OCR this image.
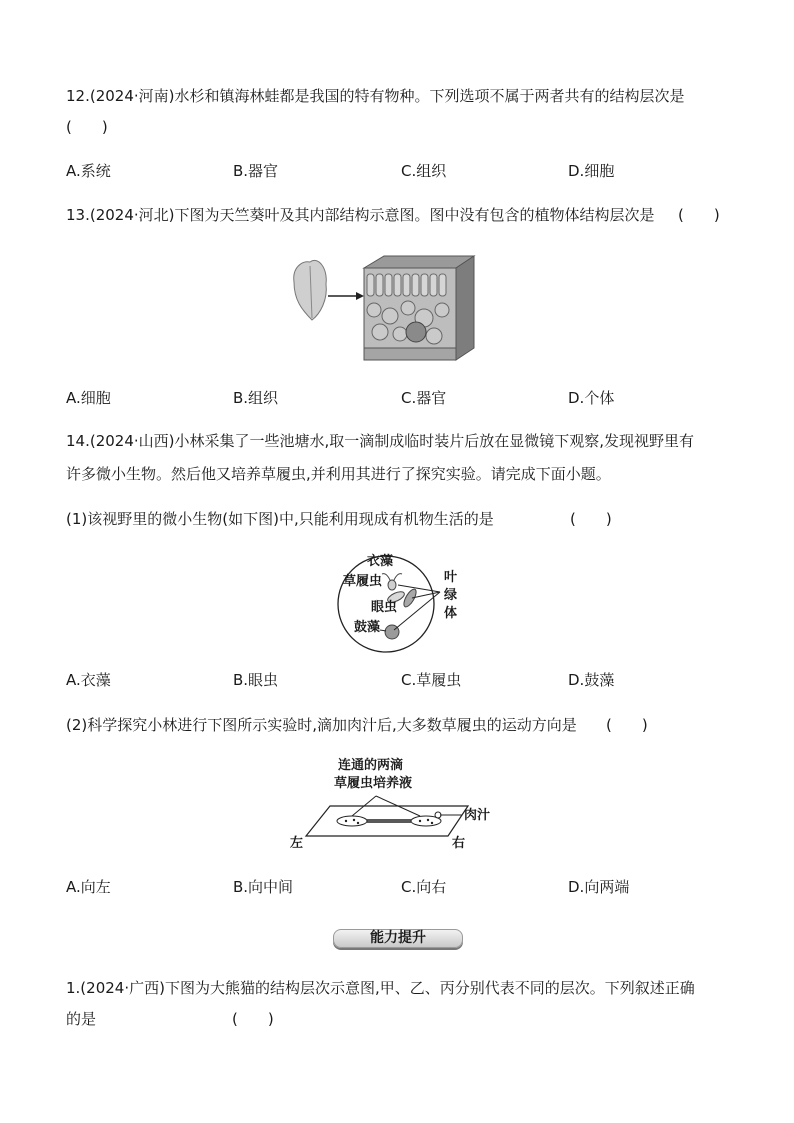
12.(2024·河南)水杉和镇海林蛙都是我国的特有物种。下列选项不属于两者共有的结构层次是
(　　)
A.系统	B.器官	C.组织	D.细胞
13.(2024·河北)下图为天竺葵叶及其内部结构示意图。图中没有包含的植物体结构层次是 (　　)
A.细胞	B.组织	C.器官	D.个体
14.(2024·山西)小林采集了一些池塘水,取一滴制成临时装片后放在显微镜下观察,发现视野里有
许多微小生物。然后他又培养草履虫,并利用其进行了探究实验。请完成下面小题。
(1)该视野里的微小生物(如下图)中,只能利用现成有机物生活的是	(　　)
衣藻
草履虫
眼虫
鼓藻
叶
绿
体
A.衣藻	B.眼虫	C.草履虫	D.鼓藻
(2)科学探究小林进行下图所示实验时,滴加肉汁后,大多数草履虫的运动方向是 (　　)
连通的两滴
草履虫培养液
肉汁
左	右
A.向左	B.向中间	C.向右	D.向两端
能力提升
1.(2024·广西)下图为大熊猫的结构层次示意图,甲、乙、丙分别代表不同的层次。下列叙述正确
的是	(　　)
